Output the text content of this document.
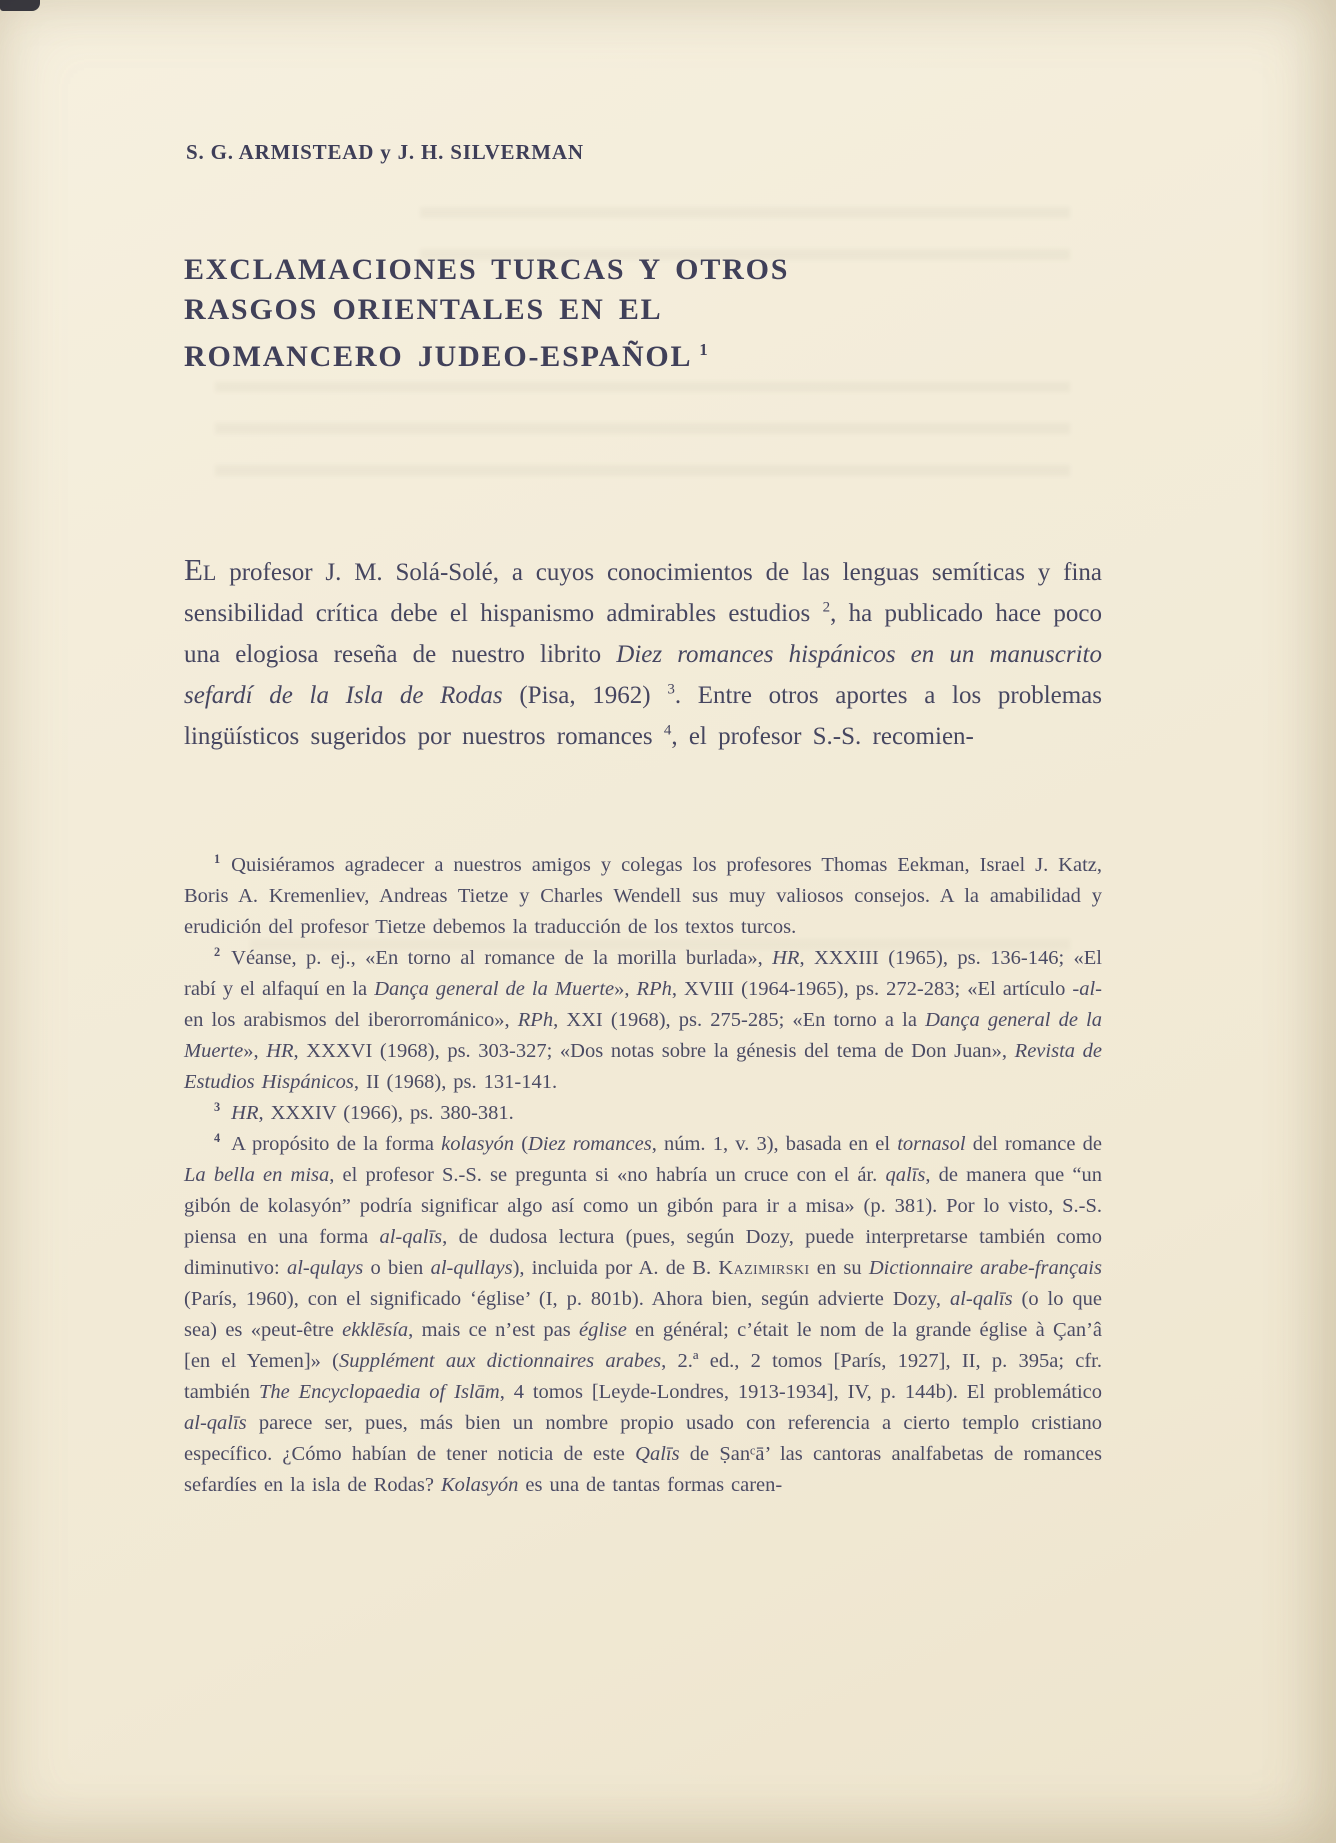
S. G. ARMISTEAD y J. H. SILVERMAN
EXCLAMACIONES TURCAS Y OTROS
RASGOS ORIENTALES EN EL
ROMANCERO JUDEO-ESPAÑOL $^1$
El profesor J. M. Solá-Solé, a cuyos conocimientos de las lenguas semíticas y fina sensibilidad crítica debe el hispanismo admirables estudios $^2$, ha publicado hace poco una elogiosa reseña de nuestro librito Diez romances hispánicos en un manuscrito sefardí de la Isla de Rodas (Pisa, 1962) $^3$. Entre otros aportes a los problemas lingüísticos sugeridos por nuestros romances $^4$, el profesor S.-S. recomien-

$^1$ Quisiéramos agradecer a nuestros amigos y colegas los profesores Thomas Eekman, Israel J. Katz, Boris A. Kremenliev, Andreas Tietze y Charles Wendell sus muy valiosos consejos. A la amabilidad y erudición del profesor Tietze debemos la traducción de los textos turcos.

$^2$ Véanse, p. ej., «En torno al romance de la morilla burlada», HR, XXXIII (1965), ps. 136-146; «El rabí y el alfaquí en la Dança general de la Muerte», RPh, XVIII (1964-1965), ps. 272-283; «El artículo -al- en los arabismos del iberorrománico», RPh, XXI (1968), ps. 275-285; «En torno a la Dança general de la Muerte», HR, XXXVI (1968), ps. 303-327; «Dos notas sobre la génesis del tema de Don Juan», Revista de Estudios Hispánicos, II (1968), ps. 131-141.

$^3$ HR, XXXIV (1966), ps. 380-381.

$^4$ A propósito de la forma kolasyón (Diez romances, núm. 1, v. 3), basada en el tornasol del romance de La bella en misa, el profesor S.-S. se pregunta si «no habría un cruce con el ár. qalīs, de manera que “un gibón de kolasyón” podría significar algo así como un gibón para ir a misa» (p. 381). Por lo visto, S.-S. piensa en una forma al-qalīs, de dudosa lectura (pues, según Dozy, puede interpretarse también como diminutivo: al-qulays o bien al-qullays), incluida por A. de B. Kazimirski en su Dictionnaire arabe-français (París, 1960), con el significado ‘église’ (I, p. 801b). Ahora bien, según advierte Dozy, al-qalīs (o lo que sea) es «peut-être ekklēsía, mais ce n’est pas église en général; c’était le nom de la grande église à Çan’â [en el Yemen]» (Supplément aux dictionnaires arabes, 2.ª ed., 2 tomos [París, 1927], II, p. 395a; cfr. también The Encyclopaedia of Islām, 4 tomos [Leyde-Londres, 1913-1934], IV, p. 144b). El problemático al-qalīs parece ser, pues, más bien un nombre propio usado con referencia a cierto templo cristiano específico. ¿Cómo habían de tener noticia de este Qalīs de Ṣanᶜā’ las cantoras analfabetas de romances sefardíes en la isla de Rodas? Kolasyón es una de tantas formas caren-
